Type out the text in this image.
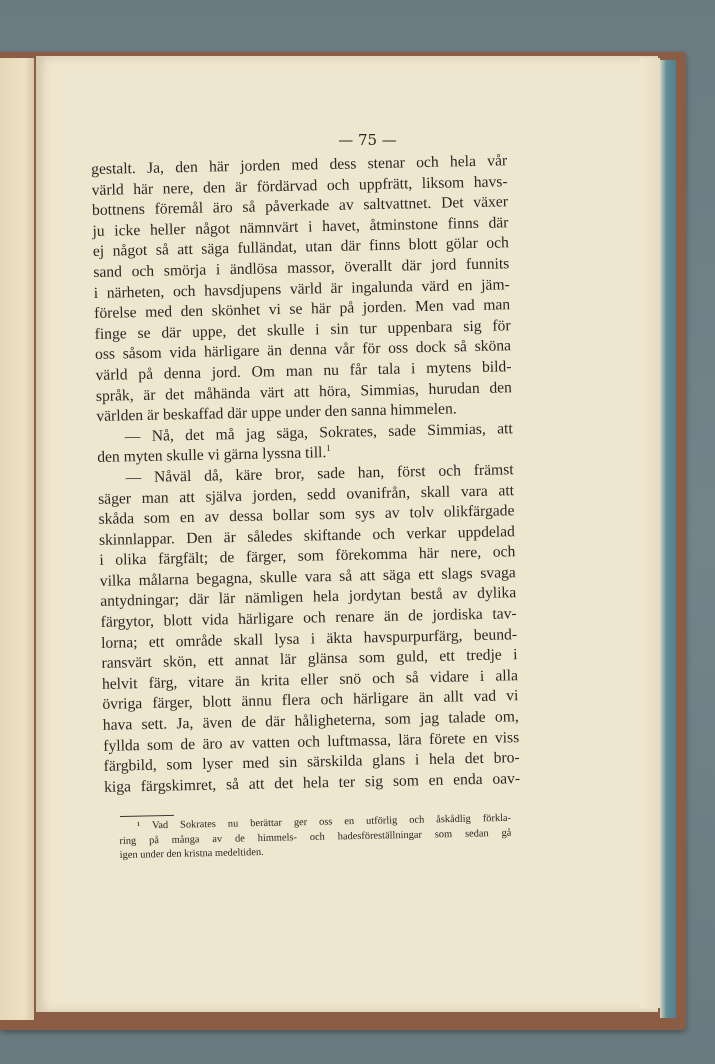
— 75 —
gestalt. Ja, den här jorden med dess stenar och hela vår
värld här nere, den är fördärvad och uppfrätt, liksom havs-
bottnens föremål äro så påverkade av saltvattnet. Det växer
ju icke heller något nämnvärt i havet, åtminstone finns där
ej något så att säga fulländat, utan där finns blott gölar och
sand och smörja i ändlösa massor, överallt där jord funnits
i närheten, och havsdjupens värld är ingalunda värd en jäm-
förelse med den skönhet vi se här på jorden. Men vad man
finge se där uppe, det skulle i sin tur uppenbara sig för
oss såsom vida härligare än denna vår för oss dock så sköna
värld på denna jord. Om man nu får tala i mytens bild-
språk, är det måhända värt att höra, Simmias, hurudan den
världen är beskaffad där uppe under den sanna himmelen.
— Nå, det må jag säga, Sokrates, sade Simmias, att
den myten skulle vi gärna lyssna till.$^1$
— Nåväl då, käre bror, sade han, först och främst
säger man att själva jorden, sedd ovanifrån, skall vara att
skåda som en av dessa bollar som sys av tolv olikfärgade
skinnlappar. Den är således skiftande och verkar uppdelad
i olika färgfält; de färger, som förekomma här nere, och
vilka målarna begagna, skulle vara så att säga ett slags svaga
antydningar; där lär nämligen hela jordytan bestå av dylika
färgytor, blott vida härligare och renare än de jordiska tav-
lorna; ett område skall lysa i äkta havspurpurfärg, beund-
ransvärt skön, ett annat lär glänsa som guld, ett tredje i
helvit färg, vitare än krita eller snö och så vidare i alla
övriga färger, blott ännu flera och härligare än allt vad vi
hava sett. Ja, även de där håligheterna, som jag talade om,
fyllda som de äro av vatten och luftmassa, lära förete en viss
färgbild, som lyser med sin särskilda glans i hela det bro-
kiga färgskimret, så att det hela ter sig som en enda oav-
¹ Vad Sokrates nu berättar ger oss en utförlig och åskådlig förkla-
ring på många av de himmels- och hadesföreställningar som sedan gå
igen under den kristna medeltiden.
